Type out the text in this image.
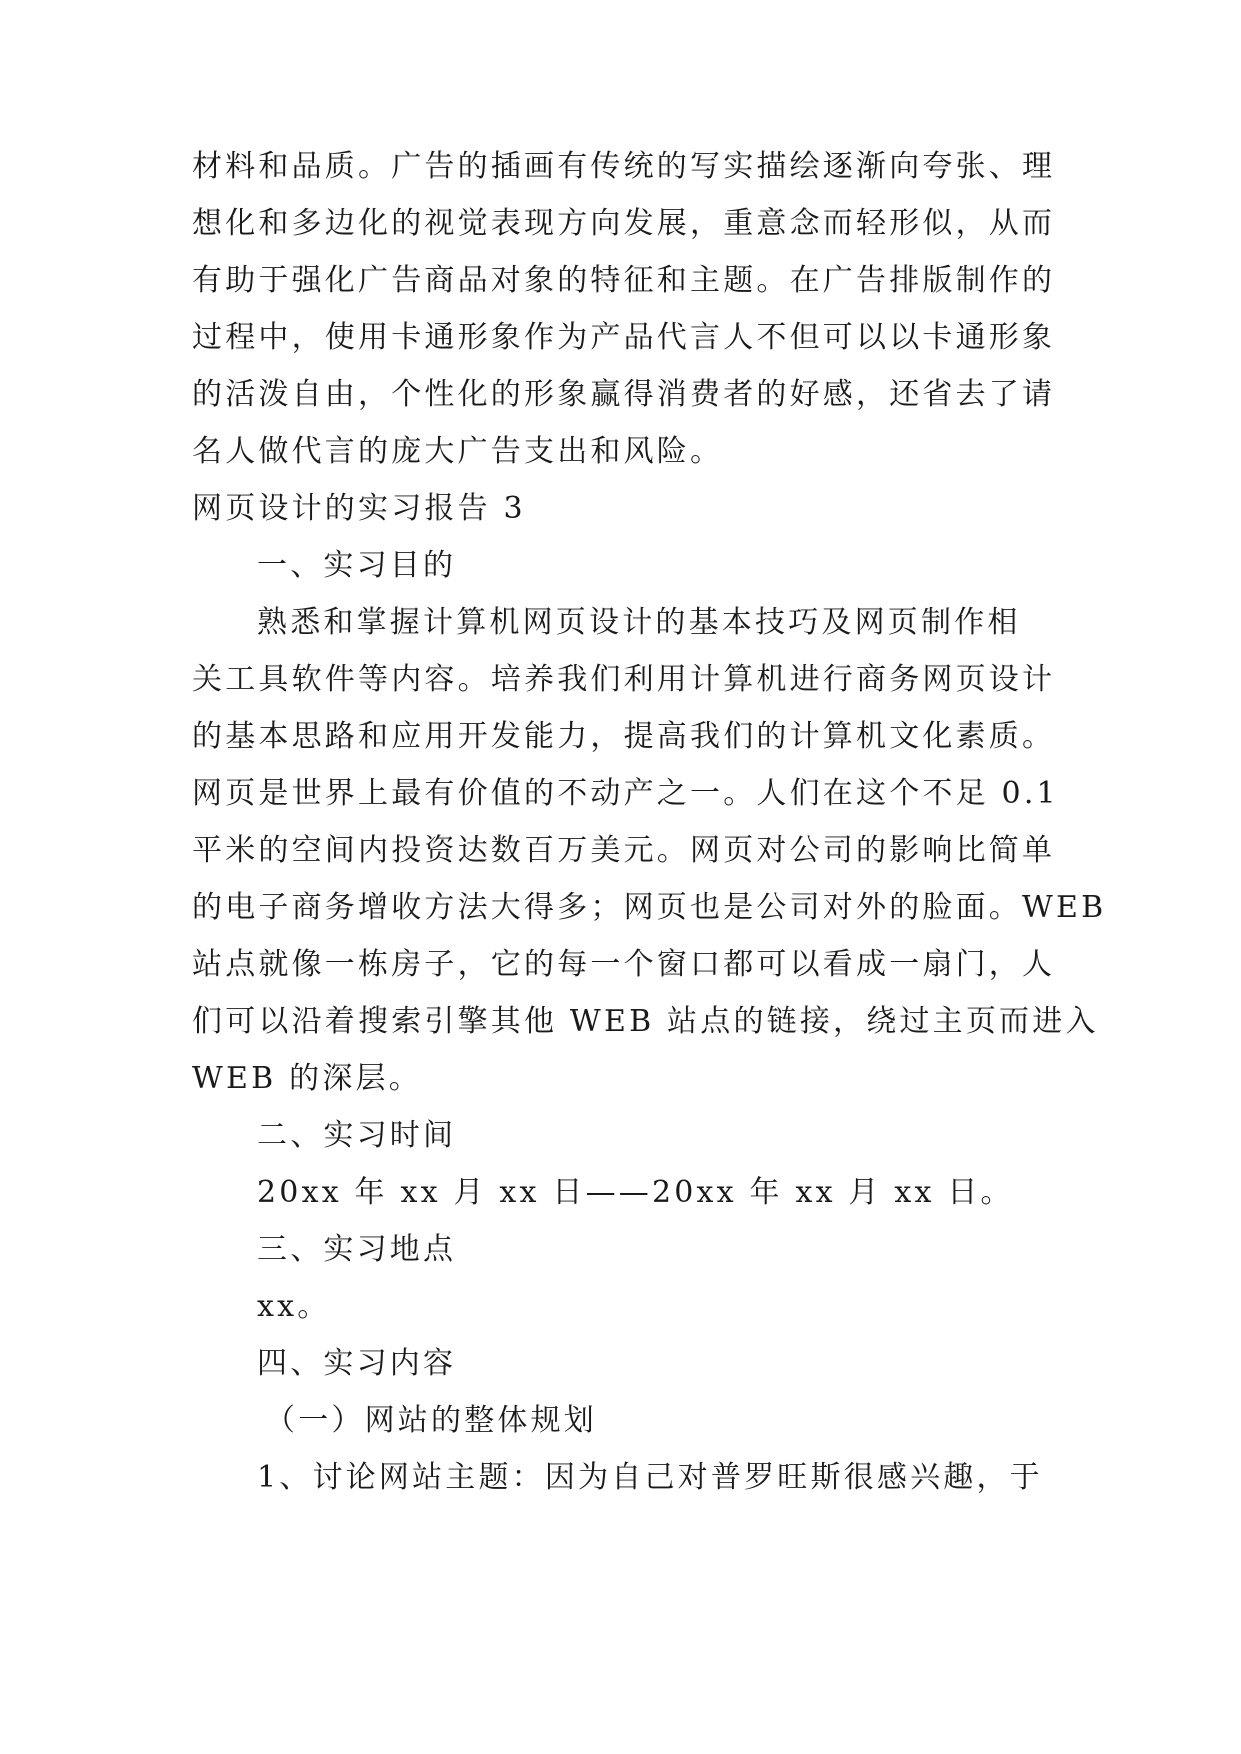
材料和品质。广告的插画有传统的写实描绘逐渐向夸张、理
想化和多边化的视觉表现方向发展，重意念而轻形似，从而
有助于强化广告商品对象的特征和主题。在广告排版制作的
过程中，使用卡通形象作为产品代言人不但可以以卡通形象
的活泼自由，个性化的形象赢得消费者的好感，还省去了请
名人做代言的庞大广告支出和风险。
网页设计的实习报告 3
一、实习目的
熟悉和掌握计算机网页设计的基本技巧及网页制作相
关工具软件等内容。培养我们利用计算机进行商务网页设计
的基本思路和应用开发能力，提高我们的计算机文化素质。
网页是世界上最有价值的不动产之一。人们在这个不足 0.1
平米的空间内投资达数百万美元。网页对公司的影响比简单
的电子商务增收方法大得多；网页也是公司对外的脸面。WEB
站点就像一栋房子，它的每一个窗口都可以看成一扇门，人
们可以沿着搜索引擎其他 WEB 站点的链接，绕过主页而进入
WEB 的深层。
二、实习时间
20xx 年 xx 月 xx 日——20xx 年 xx 月 xx 日。
三、实习地点
xx。
四、实习内容
（一）网站的整体规划
1、讨论网站主题：因为自己对普罗旺斯很感兴趣，于
